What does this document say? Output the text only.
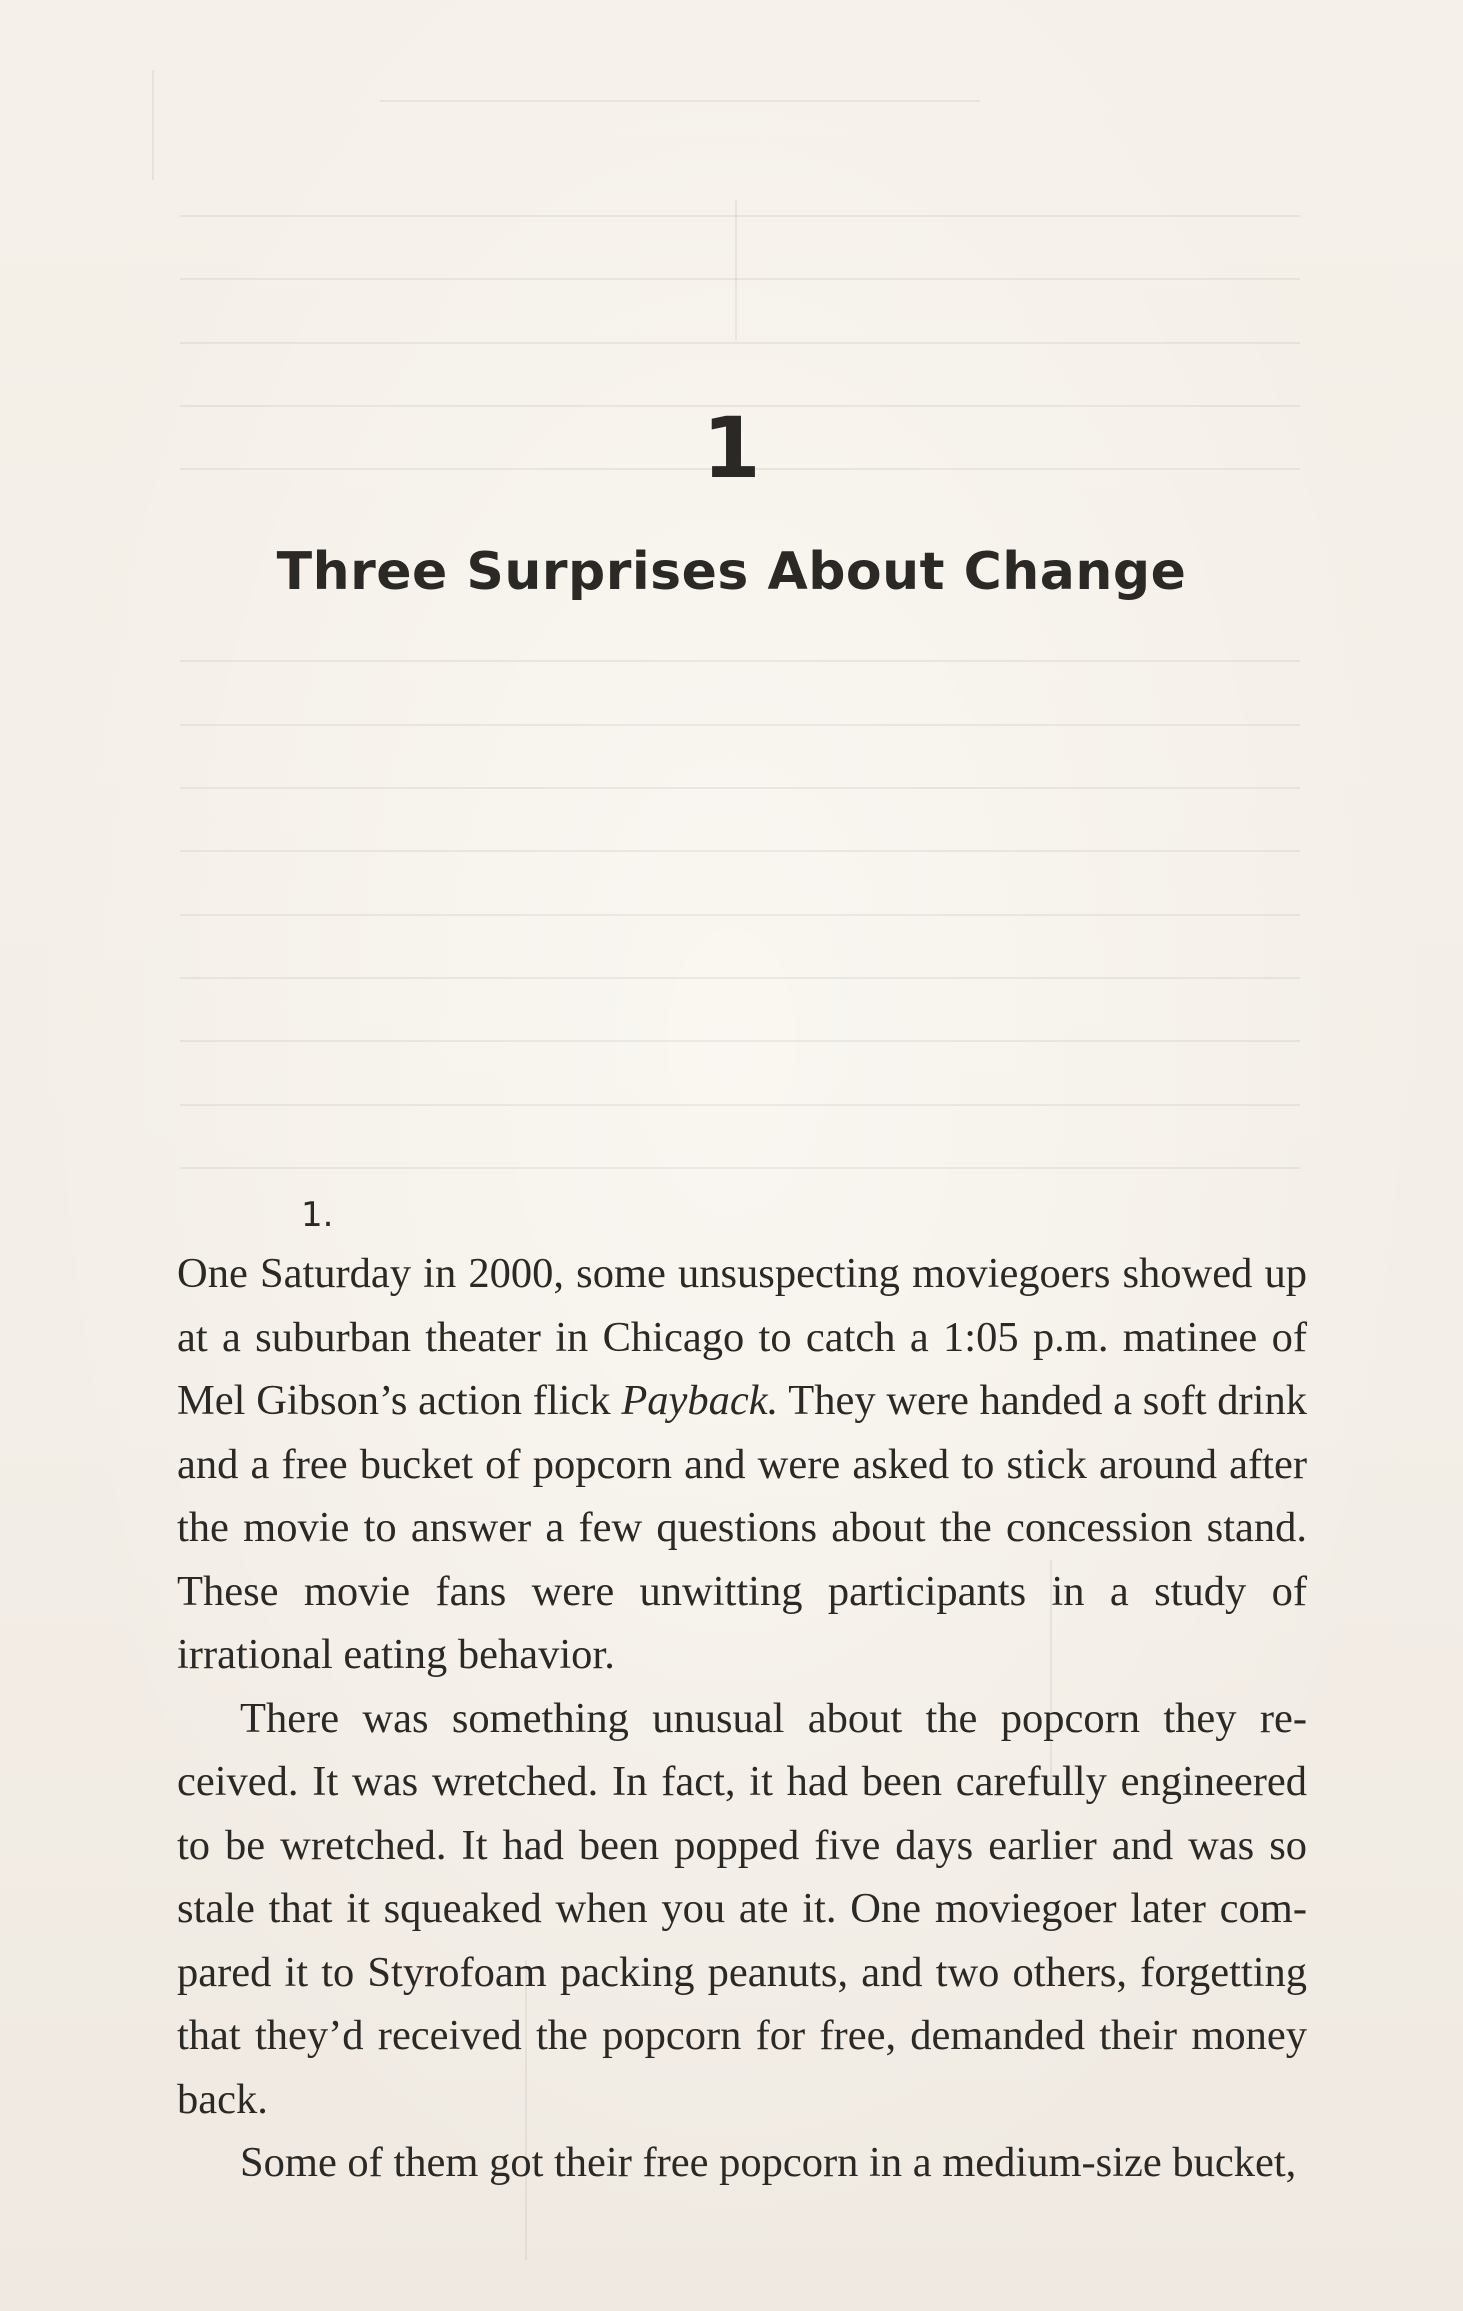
1
Three Surprises About Change
1.

One Saturday in 2000, some unsuspecting moviegoers showed up at a suburban theater in Chicago to catch a 1:05 p.m. matinee of Mel Gibson’s action flick Payback. They were handed a soft drink and a free bucket of popcorn and were asked to stick around after the movie to answer a few questions about the concession stand. These movie fans were unwitting participants in a study of irrational eating behavior.

There was something unusual about the popcorn they received. It was wretched. In fact, it had been carefully engineered to be wretched. It had been popped five days earlier and was so stale that it squeaked when you ate it. One moviegoer later compared it to Styrofoam packing peanuts, and two others, forgetting that they’d received the popcorn for free, demanded their money back.

Some of them got their free popcorn in a medium-size bucket,
